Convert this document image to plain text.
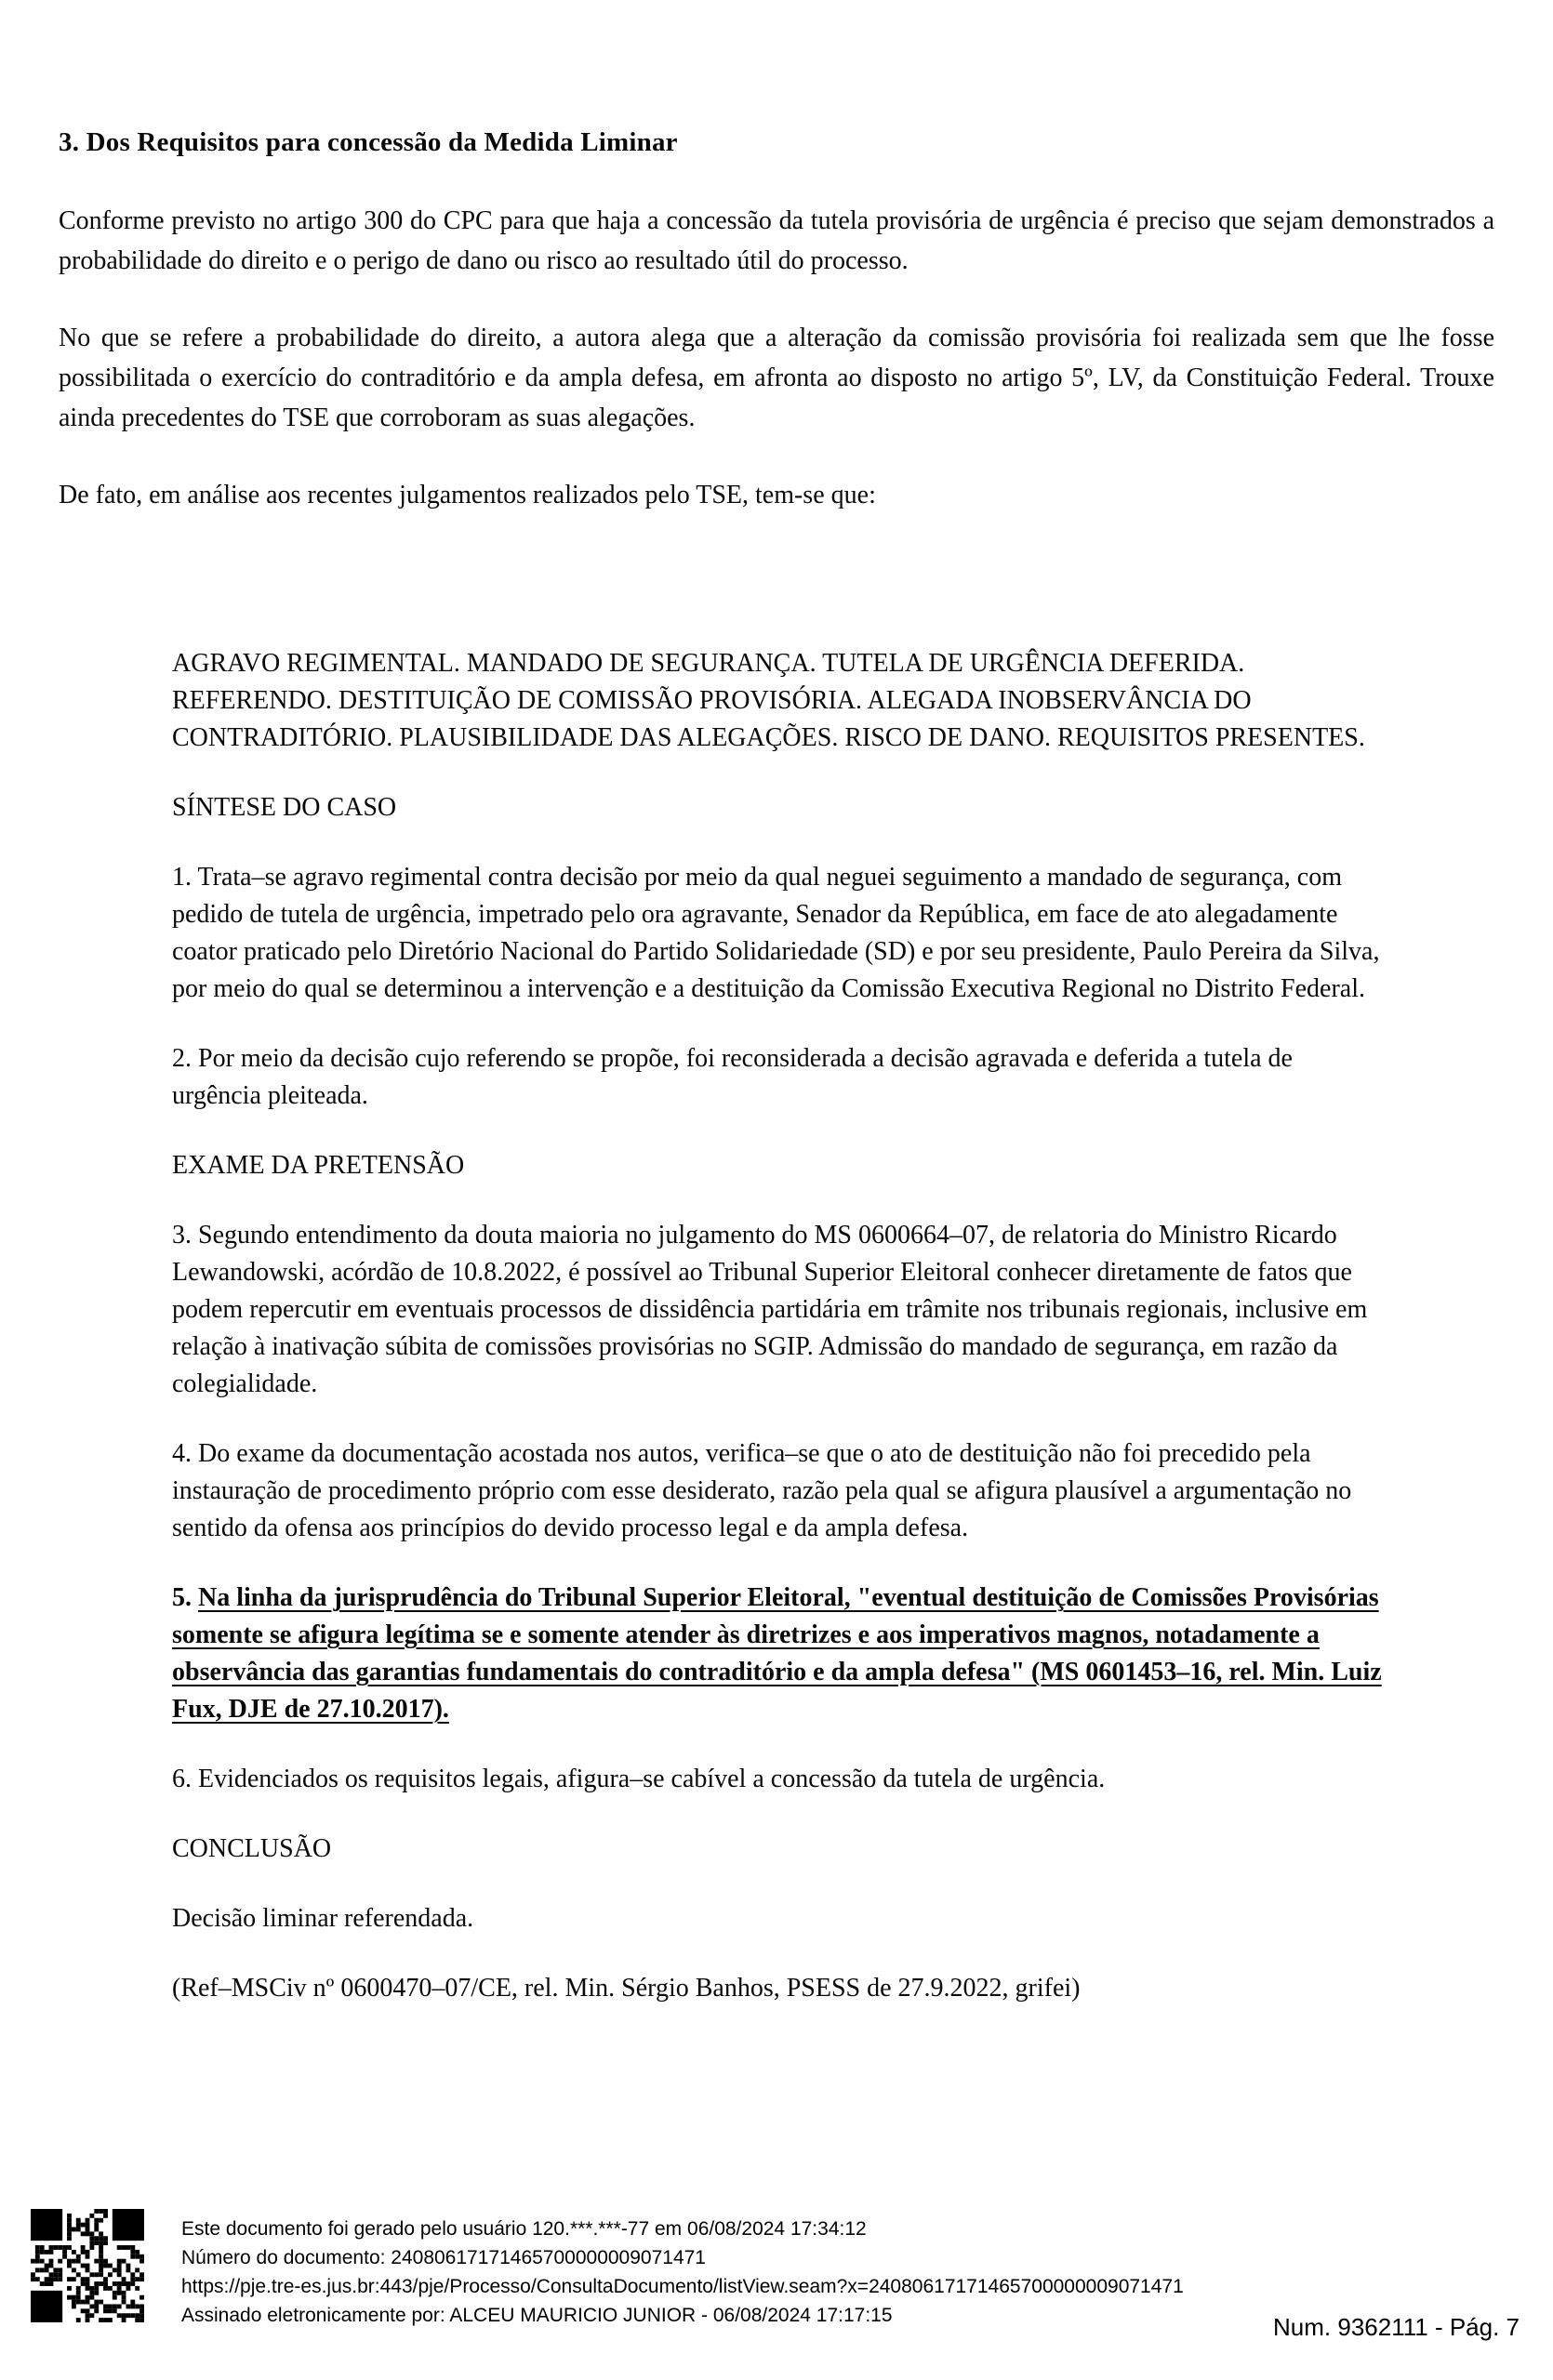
3. Dos Requisitos para concessão da Medida Liminar

Conforme previsto no artigo 300 do CPC para que haja a concessão da tutela provisória de urgência é preciso que sejam demonstrados a probabilidade do direito e o perigo de dano ou risco ao resultado útil do processo.

No que se refere a probabilidade do direito, a autora alega que a alteração da comissão provisória foi realizada sem que lhe fosse possibilitada o exercício do contraditório e da ampla defesa, em afronta ao disposto no artigo 5º, LV, da Constituição Federal. Trouxe ainda precedentes do TSE que corroboram as suas alegações.

De fato, em análise aos recentes julgamentos realizados pelo TSE, tem-se que:

AGRAVO REGIMENTAL. MANDADO DE SEGURANÇA. TUTELA DE URGÊNCIA DEFERIDA. REFERENDO. DESTITUIÇÃO DE COMISSÃO PROVISÓRIA. ALEGADA INOBSERVÂNCIA DO CONTRADITÓRIO. PLAUSIBILIDADE DAS ALEGAÇÕES. RISCO DE DANO. REQUISITOS PRESENTES.

SÍNTESE DO CASO

1. Trata–se agravo regimental contra decisão por meio da qual neguei seguimento a mandado de segurança, com pedido de tutela de urgência, impetrado pelo ora agravante, Senador da República, em face de ato alegadamente coator praticado pelo Diretório Nacional do Partido Solidariedade (SD) e por seu presidente, Paulo Pereira da Silva, por meio do qual se determinou a intervenção e a destituição da Comissão Executiva Regional no Distrito Federal.

2. Por meio da decisão cujo referendo se propõe, foi reconsiderada a decisão agravada e deferida a tutela de urgência pleiteada.

EXAME DA PRETENSÃO

3. Segundo entendimento da douta maioria no julgamento do MS 0600664–07, de relatoria do Ministro Ricardo Lewandowski, acórdão de 10.8.2022, é possível ao Tribunal Superior Eleitoral conhecer diretamente de fatos que podem repercutir em eventuais processos de dissidência partidária em trâmite nos tribunais regionais, inclusive em relação à inativação súbita de comissões provisórias no SGIP. Admissão do mandado de segurança, em razão da colegialidade.

4. Do exame da documentação acostada nos autos, verifica–se que o ato de destituição não foi precedido pela instauração de procedimento próprio com esse desiderato, razão pela qual se afigura plausível a argumentação no sentido da ofensa aos princípios do devido processo legal e da ampla defesa.

5. Na linha da jurisprudência do Tribunal Superior Eleitoral, "eventual destituição de Comissões Provisórias somente se afigura legítima se e somente atender às diretrizes e aos imperativos magnos, notadamente a observância das garantias fundamentais do contraditório e da ampla defesa" (MS 0601453–16, rel. Min. Luiz Fux, DJE de 27.10.2017).

6. Evidenciados os requisitos legais, afigura–se cabível a concessão da tutela de urgência.

CONCLUSÃO

Decisão liminar referendada.

(Ref–MSCiv nº 0600470–07/CE, rel. Min. Sérgio Banhos, PSESS de 27.9.2022, grifei)

Este documento foi gerado pelo usuário 120.***.***-77 em 06/08/2024 17:34:12
Número do documento: 24080617171465700000009071471
https://pje.tre-es.jus.br:443/pje/Processo/ConsultaDocumento/listView.seam?x=24080617171465700000009071471
Assinado eletronicamente por: ALCEU MAURICIO JUNIOR - 06/08/2024 17:17:15	Num. 9362111 - Pág. 7
